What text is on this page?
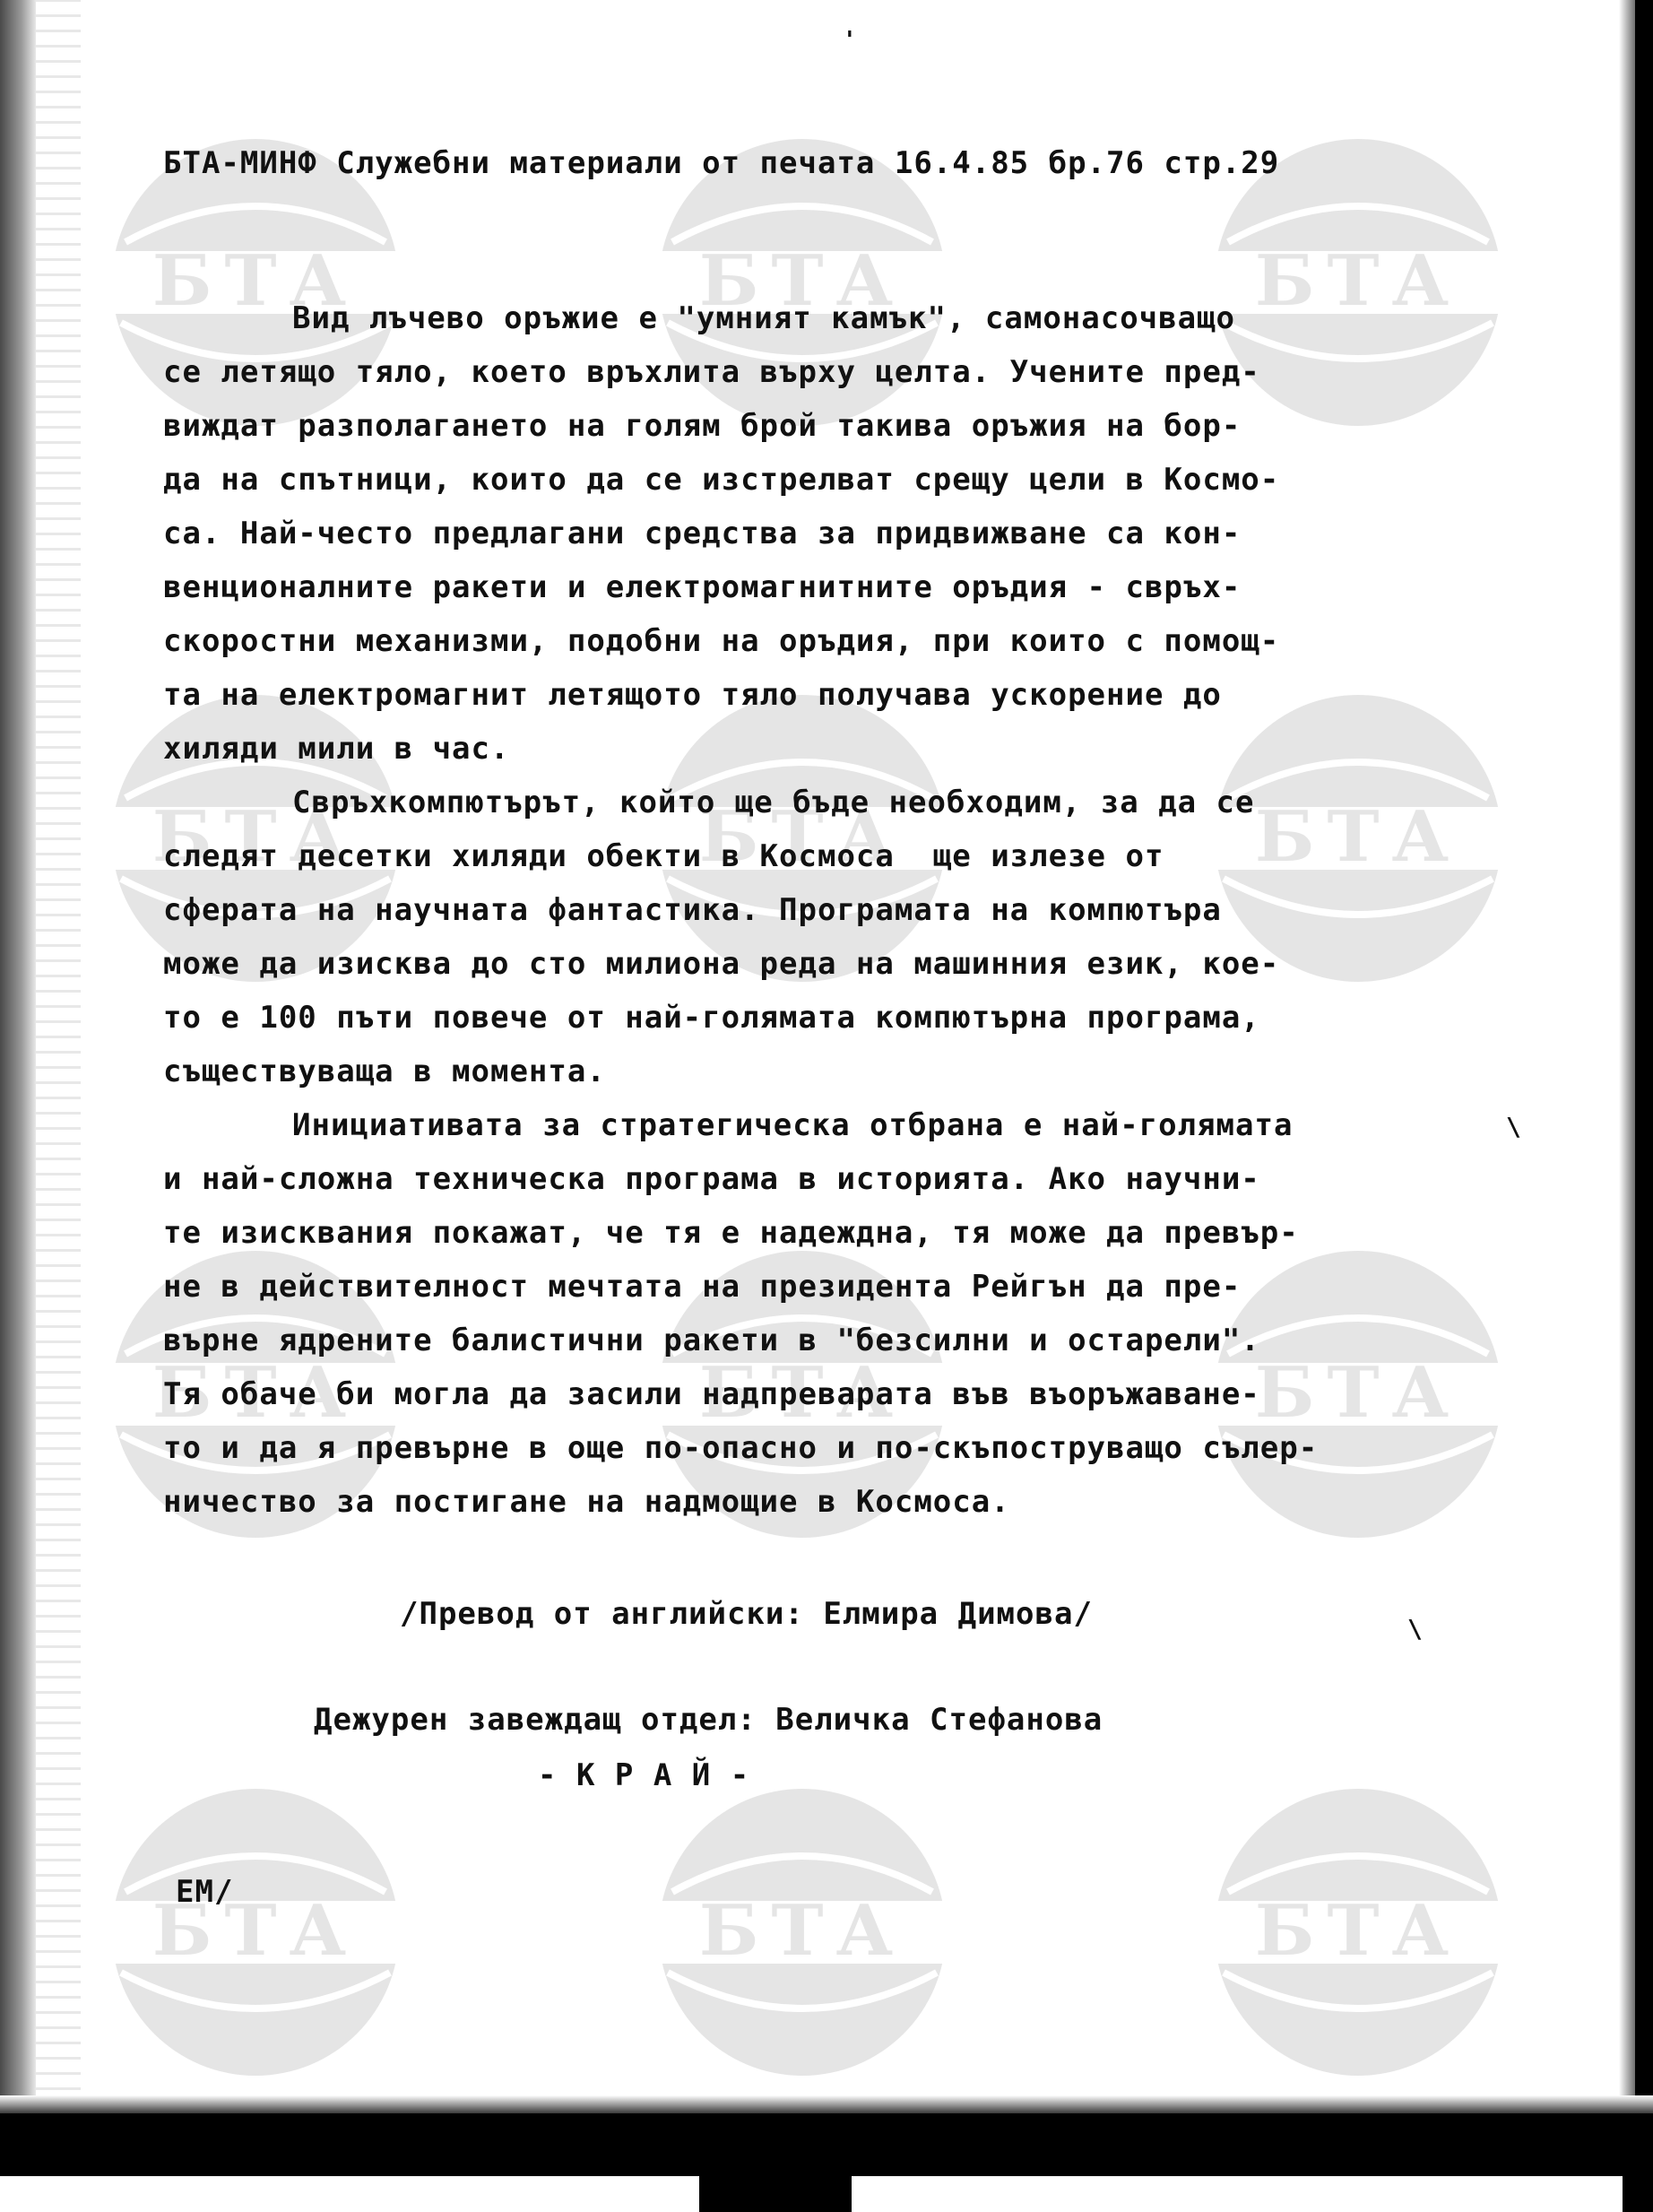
БТА-МИНФ Служебни материали от печата 16.4.85 бр.76 стр.29
Вид лъчево оръжие е "умният камък", самонасочващо
се летящо тяло, което връхлита върху целта. Учените пред-
виждат разполагането на голям брой такива оръжия на бор-
да на спътници, които да се изстрелват срещу цели в Космо-
са. Най-често предлагани средства за придвижване са кон-
венционалните ракети и електромагнитните оръдия - свръх-
скоростни механизми, подобни на оръдия, при които с помощ-
та на електромагнит летящото тяло получава ускорение до
хиляди мили в час.
Свръхкомпютърът, който ще бъде необходим, за да се
следят десетки хиляди обекти в Космоса  ще излезе от
сферата на научната фантастика. Програмата на компютъра
може да изисква до сто милиона реда на машинния език, кое-
то е 100 пъти повече от най-голямата компютърна програма,
съществуваща в момента.
Инициативата за стратегическа отбрана е най-голямата
и най-сложна техническа програма в историята. Ако научни-
те изисквания покажат, че тя е надеждна, тя може да превър-
не в действителност мечтата на президента Рейгън да пре-
върне ядрените балистични ракети в "безсилни и остарели".
Тя обаче би могла да засили надпреварата във въоръжаване-
то и да я превърне в още по-опасно и по-скъпоструващо сълер-
ничество за постигане на надмощие в Космоса.
/Превод от английски: Елмира Димова/
Дежурен завеждащ отдел: Величка Стефанова
- К Р А Й -
ЕМ/
'
\
\
